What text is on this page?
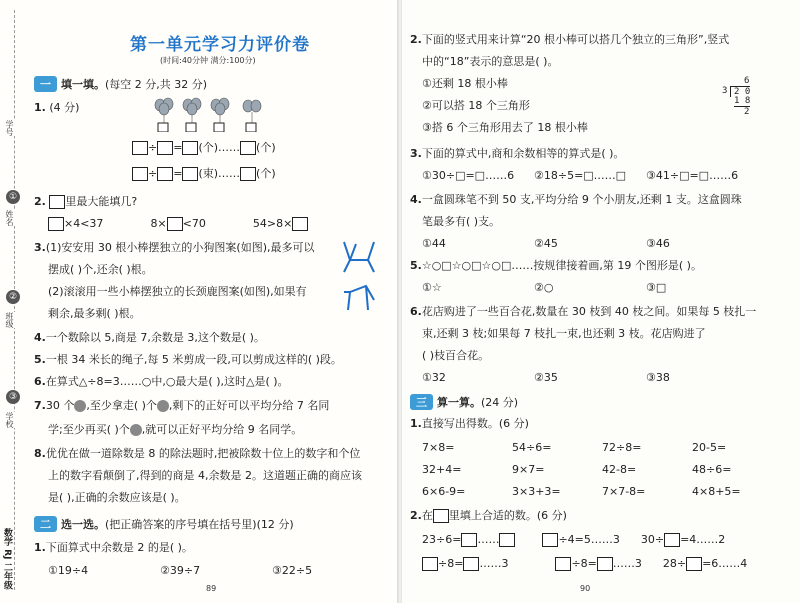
学号
姓名
班级
学校
①
②
③
数学 RJ 二年级
第一单元学习力评价卷
(时间:40分钟 满分:100分)
一 填一填。 (每空 2 分,共 32 分)
1. (4 分)
÷ = (个)…… (个)
÷ = (束)…… (个)
2. 里最大能填几?
×4<37	8× <70	54>8×
3.(1)安安用 30 根小棒摆独立的小狗图案(如图),最多可以
摆成( )个,还余( )根。
(2)滚滚用一些小棒摆独立的长颈鹿图案(如图),如果有
剩余,最多剩( )根。
4.一个数除以 5,商是 7,余数是 3,这个数是( )。
5.一根 34 米长的绳子,每 5 米剪成一段,可以剪成这样的( )段。
6.在算式△÷8=3……○中,○最大是( ),这时△是( )。
7.30 个 ,至少拿走( )个 ,剩下的正好可以平均分给 7 名同
学;至少再买( )个 ,就可以正好平均分给 9 名同学。
8.优优在做一道除数是 8 的除法题时,把被除数十位上的数字和个位
上的数字看颠倒了,得到的商是 4,余数是 2。这道题正确的商应该
是( ),正确的余数应该是( )。
二 选一选。 (把正确答案的序号填在括号里)(12 分)
1.下面算式中余数是 2 的是( )。
①19÷4	②39÷7	③22÷5
89
2.下面的竖式用来计算“20 根小棒可以搭几个独立的三角形”,竖式
中的“18”表示的意思是( )。
①还剩 18 根小棒
②可以搭 18 个三角形
③搭 6 个三角形用去了 18 根小棒
3.下面的算式中,商和余数相等的算式是( )。
①30÷□=□……6 ②18÷5=□……□ ③41÷□=□……6
4.一盒圆珠笔不到 50 支,平均分给 9 个小朋友,还剩 1 支。这盒圆珠
笔最多有( )支。
①44	②45	③46
5.☆○□☆○□☆○□……按规律接着画,第 19 个图形是( )。
①☆	②○	③□
6.花店购进了一些百合花,数量在 30 枝到 40 枝之间。如果每 5 枝扎一
束,还剩 3 枝;如果每 7 枝扎一束,也还剩 3 枝。花店购进了
( )枝百合花。
①32	②35	③38
三 算一算。 (24 分)
1.直接写出得数。(6 分)
7×8=	54÷6=	72÷8=	20-5=
32+4=	9×7=	42-8=	48÷6=
6×6-9=	3×3+3=	7×7-8=	4×8+5=
2.在 里填上合适的数。(6 分)
23÷6= ……	÷4=5……3 30÷ =4……2
÷8= ……3	÷8= ……3 28÷ =6……4
6
3 2 0
1 8
2
90
